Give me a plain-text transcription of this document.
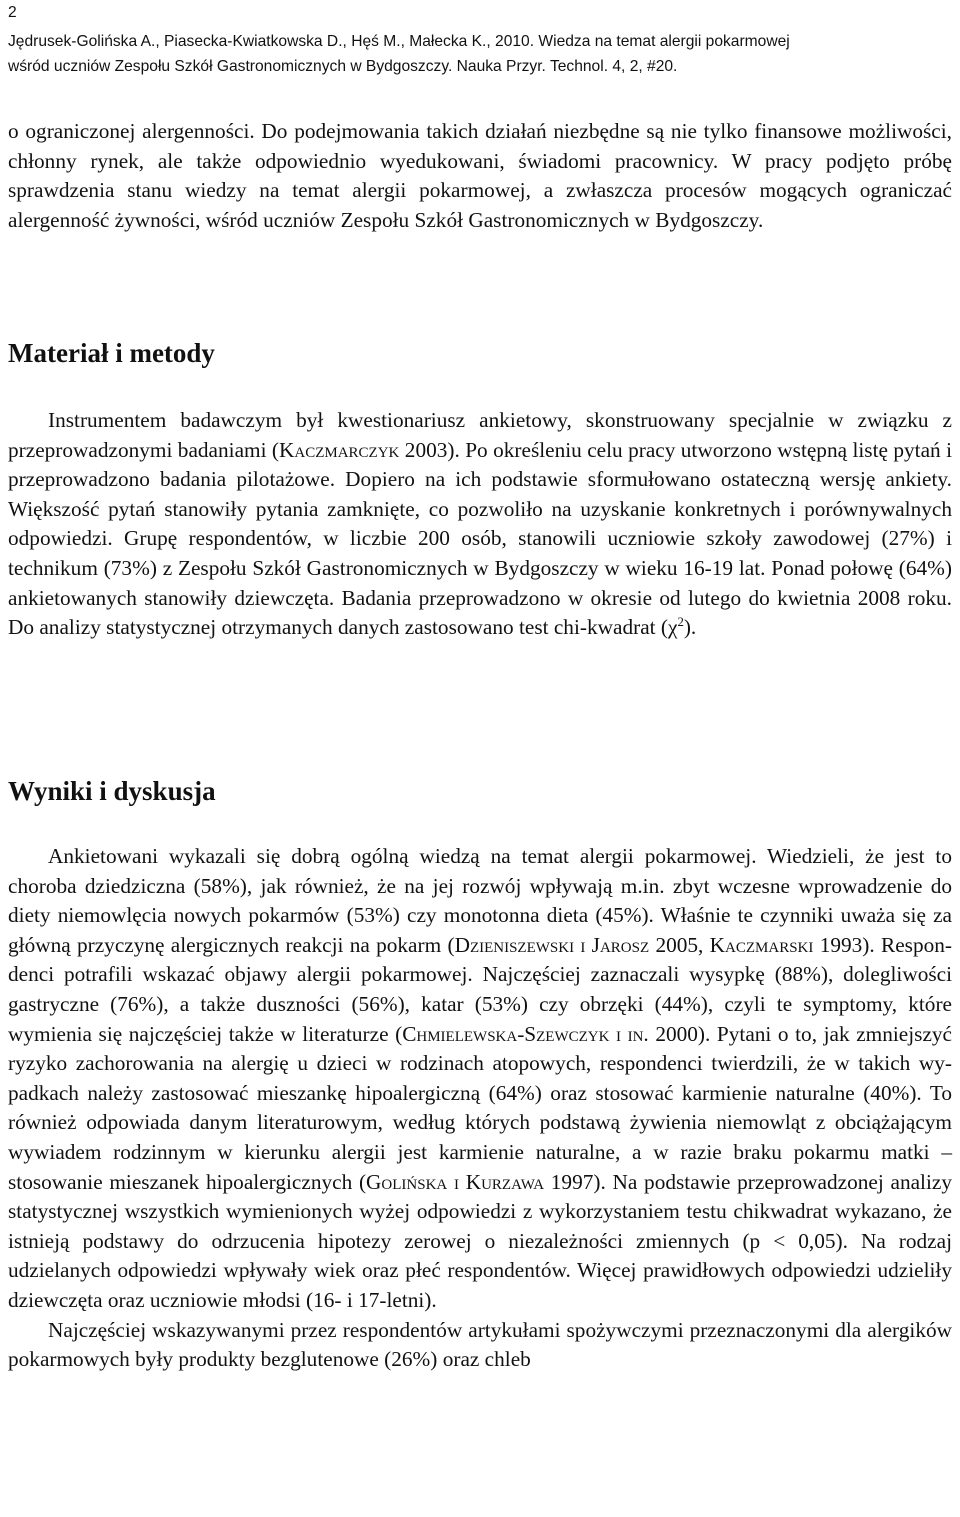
2
Jędrusek-Golińska A., Piasecka-Kwiatkowska D., Hęś M., Małecka K., 2010. Wiedza na temat alergii pokarmowej
wśród uczniów Zespołu Szkół Gastronomicznych w Bydgoszczy. Nauka Przyr. Technol. 4, 2, #20.

o ograniczonej alergenności. Do podejmowania takich działań niezbędne są nie tylko finansowe możliwości, chłonny rynek, ale także odpowiednio wyedukowani, świadomi pracownicy. W pracy podjęto próbę sprawdzenia stanu wiedzy na temat alergii pokarmowej, a zwłaszcza procesów mogących ograniczać alergenność żywności, wśród uczniów Zespołu Szkół Gastronomicznych w Bydgoszczy.

Materiał i metody

Instrumentem badawczym był kwestionariusz ankietowy, skonstruowany specjalnie w związku z przeprowadzonymi badaniami (Kaczmarczyk 2003). Po określeniu celu pracy utworzono wstępną listę pytań i przeprowadzono badania pilotażowe. Dopiero na ich podstawie sformułowano ostateczną wersję ankiety. Większość pytań stanowiły pytania zamknięte, co pozwoliło na uzyskanie konkretnych i porównywalnych odpowiedzi. Grupę respondentów, w liczbie 200 osób, stanowili uczniowie szkoły zawodowej (27%) i technikum (73%) z Zespołu Szkół Gastronomicznych w Bydgoszczy w wieku 16-19 lat. Ponad połowę (64%) ankietowanych stanowiły dziewczęta. Badania przeprowadzono w okresie od lutego do kwietnia 2008 roku. Do analizy statystycznej otrzymanych danych zastosowano test chi-kwadrat $(\chi^2)$.

Wyniki i dyskusja

Ankietowani wykazali się dobrą ogólną wiedzą na temat alergii pokarmowej. Wiedzieli, że jest to choroba dziedziczna (58%), jak również, że na jej rozwój wpływają m.in. zbyt wczesne wprowadzenie do diety niemowlęcia nowych pokarmów (53%) czy monotonna dieta (45%). Właśnie te czynniki uważa się za główną przyczynę alergicznych reakcji na pokarm (Dzieniszewski i Jarosz 2005, Kaczmarski 1993). Respondenci potrafili wskazać objawy alergii pokarmowej. Najczęściej zaznaczali wysypkę (88%), dolegliwości gastryczne (76%), a także duszności (56%), katar (53%) czy obrzęki (44%), czyli te symptomy, które wymienia się najczęściej także w literaturze (Chmielewska-Szewczyk i in. 2000). Pytani o to, jak zmniejszyć ryzyko zachorowania na alergię u dzieci w rodzinach atopowych, respondenci twierdzili, że w takich wypadkach należy zastosować mieszankę hipoalergiczną (64%) oraz stosować karmienie naturalne (40%). To również odpowiada danym literaturowym, według których podstawą żywienia niemowląt z obciążającym wywiadem rodzinnym w kierunku alergii jest karmienie naturalne, a w razie braku pokarmu matki – stosowanie mieszanek hipoalergicznych (Golińska i Kurzawa 1997). Na podstawie przeprowadzonej analizy statystycznej wszystkich wymienionych wyżej odpowiedzi z wykorzystaniem testu chikwadrat wykazano, że istnieją podstawy do odrzucenia hipotezy zerowej o niezależności zmiennych (p < 0,05). Na rodzaj udzielanych odpowiedzi wpływały wiek oraz płeć respondentów. Więcej prawidłowych odpowiedzi udzieliły dziewczęta oraz uczniowie młodsi (16- i 17-letni).

Najczęściej wskazywanymi przez respondentów artykułami spożywczymi przeznaczonymi dla alergików pokarmowych były produkty bezglutenowe (26%) oraz chleb
